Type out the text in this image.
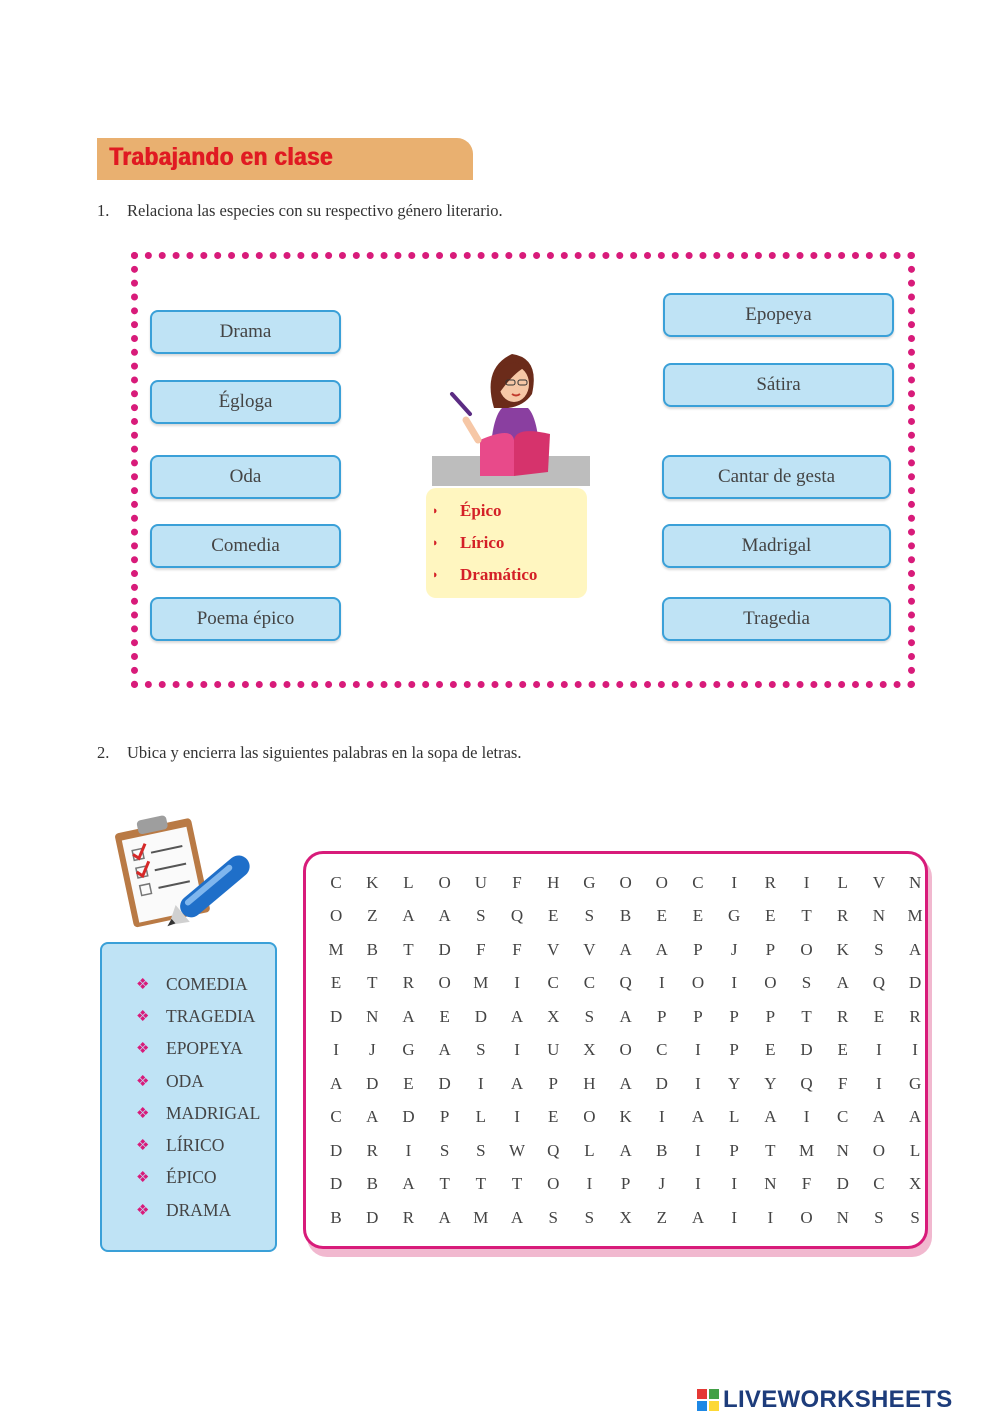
Trabajando en clase
1. Relaciona las especies con su respectivo género literario.
Drama
Égloga
Oda
Comedia
Poema épico
Epopeya
Sátira
Cantar de gesta
Madrigal
Tragedia
◗	Épico
◗	Lírico
◗	Dramático
2. Ubica y encierra las siguientes palabras en la sopa de letras.
❖ COMEDIA
❖ TRAGEDIA
❖ EPOPEYA
❖ ODA
❖ MADRIGAL
❖ LÍRICO
❖ ÉPICO
❖ DRAMA
C	K	L	O	U	F	H	G	O	O	C	I	R	I	L	V	N
O	Z	A	A	S	Q	E	S	B	E	E	G	E	T	R	N	M
M	B	T	D	F	F	V	V	A	A	P	J	P	O	K	S	A
E	T	R	O	M	I	C	C	Q	I	O	I	O	S	A	Q	D
D	N	A	E	D	A	X	S	A	P	P	P	P	T	R	E	R
I	J	G	A	S	I	U	X	O	C	I	P	E	D	E	I	I
A	D	E	D	I	A	P	H	A	D	I	Y	Y	Q	F	I	G
C	A	D	P	L	I	E	O	K	I	A	L	A	I	C	A	A
D	R	I	S	S	W	Q	L	A	B	I	P	T	M	N	O	L
D	B	A	T	T	T	O	I	P	J	I	I	N	F	D	C	X
B	D	R	A	M	A	S	S	X	Z	A	I	I	O	N	S	S
LIVEWORKSHEETS
